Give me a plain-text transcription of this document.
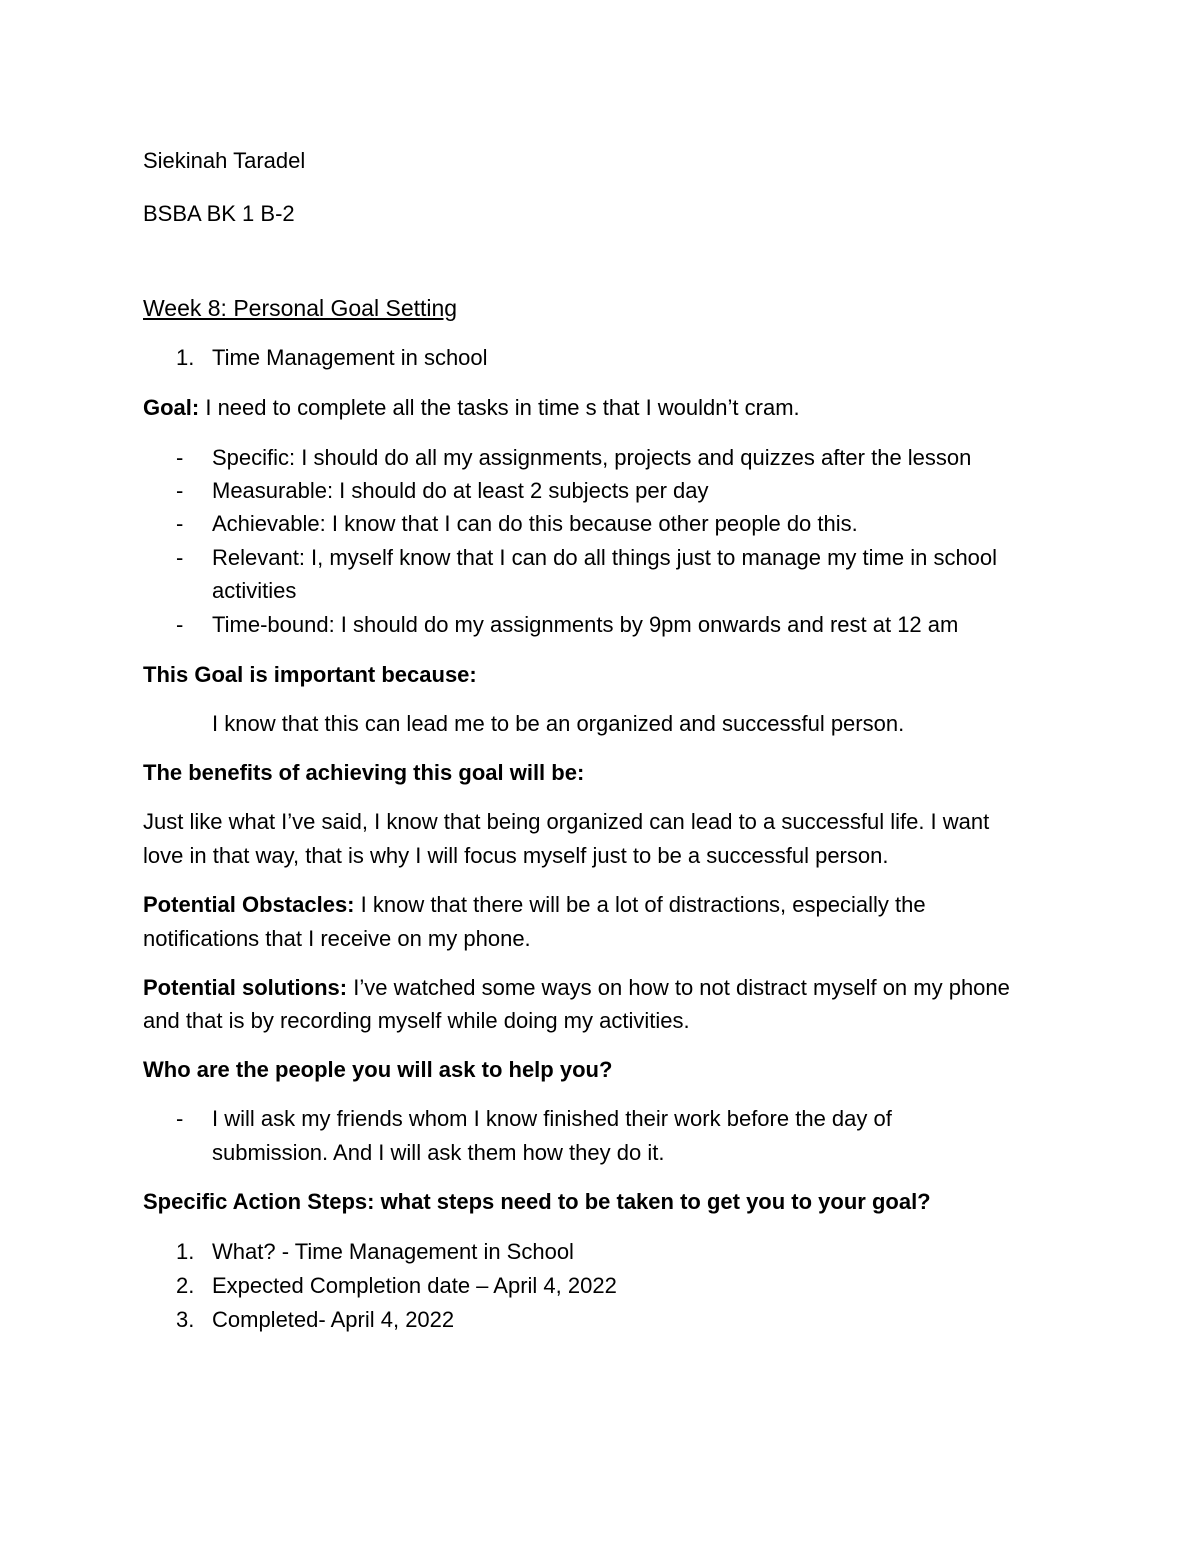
Siekinah Taradel
BSBA BK 1 B-2
Week 8: Personal Goal Setting
1. Time Management in school
Goal: I need to complete all the tasks in time s that I wouldn’t cram.
- Specific: I should do all my assignments, projects and quizzes after the lesson
- Measurable: I should do at least 2 subjects per day
- Achievable: I know that I can do this because other people do this.
- Relevant: I, myself know that I can do all things just to manage my time in school
activities
- Time-bound: I should do my assignments by 9pm onwards and rest at 12 am
This Goal is important because:
I know that this can lead me to be an organized and successful person.
The benefits of achieving this goal will be:
Just like what I’ve said, I know that being organized can lead to a successful life. I want
love in that way, that is why I will focus myself just to be a successful person.
Potential Obstacles: I know that there will be a lot of distractions, especially the
notifications that I receive on my phone.
Potential solutions: I’ve watched some ways on how to not distract myself on my phone
and that is by recording myself while doing my activities.
Who are the people you will ask to help you?
- I will ask my friends whom I know finished their work before the day of
submission. And I will ask them how they do it.
Specific Action Steps: what steps need to be taken to get you to your goal?
1. What? - Time Management in School
2. Expected Completion date – April 4, 2022
3. Completed- April 4, 2022
